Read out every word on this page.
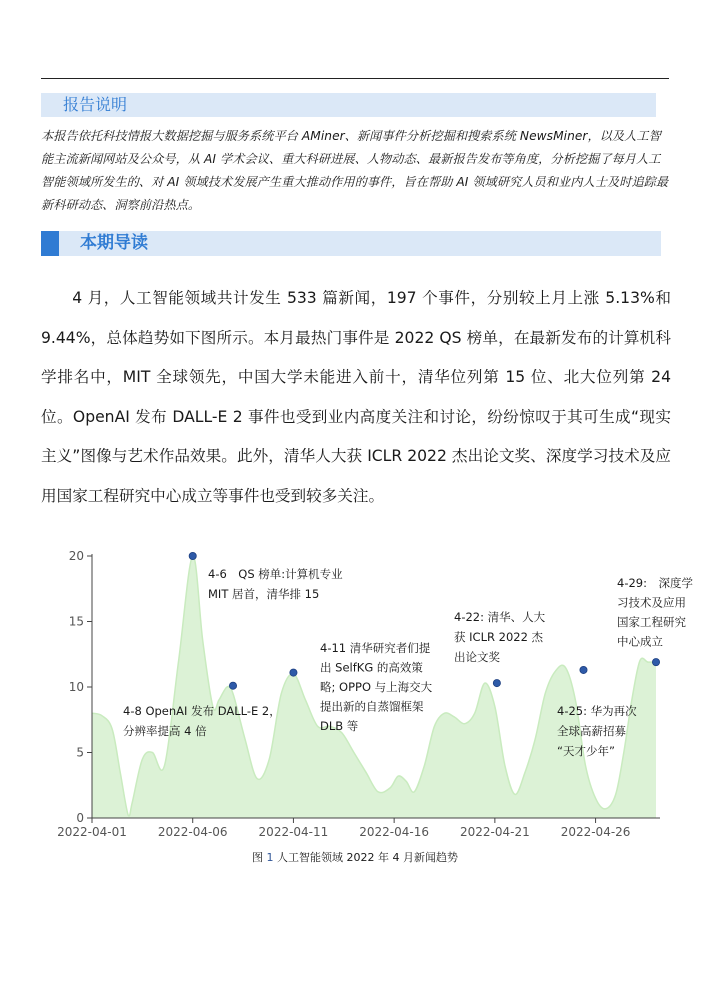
报告说明
本报告依托科技情报大数据挖掘与服务系统平台 AMiner、新闻事件分析挖掘和搜索系统 NewsMiner，以及人工智能主流新闻网站及公众号，从 AI 学术会议、重大科研进展、人物动态、最新报告发布等角度，分析挖掘了每月人工智能领域所发生的、对 AI 领域技术发展产生重大推动作用的事件，旨在帮助 AI 领域研究人员和业内人士及时追踪最新科研动态、洞察前沿热点。
本期导读
4 月，人工智能领域共计发生 533 篇新闻，197 个事件，分别较上月上涨 5.13%和 9.44%，总体趋势如下图所示。本月最热门事件是 2022 QS 榜单，在最新发布的计算机科学排名中，MIT 全球领先，中国大学未能进入前十，清华位列第 15 位、北大位列第 24 位。OpenAI 发布 DALL-E 2 事件也受到业内高度关注和讨论，纷纷惊叹于其可生成“现实主义”图像与艺术作品效果。此外，清华人大获 ICLR 2022 杰出论文奖、深度学习技术及应用国家工程研究中心成立等事件也受到较多关注。
0
5
10
15
20
2022-04-01	2022-04-06	2022-04-11	2022-04-16	2022-04-21	2022-04-26
4-6　QS 榜单:计算机专业
MIT 居首，清华排 15
4-8 OpenAI 发布 DALL-E 2，
分辨率提高 4 倍
4-11 清华研究者们提
出 SelfKG 的高效策
略; OPPO 与上海交大
提出新的自蒸馏框架
DLB 等
4-22: 清华、人大
获 ICLR 2022 杰
出论文奖
4-25: 华为再次
全球高薪招募
“天才少年”
4-29:　深度学
习技术及应用
国家工程研究
中心成立
图 1 人工智能领域 2022 年 4 月新闻趋势
